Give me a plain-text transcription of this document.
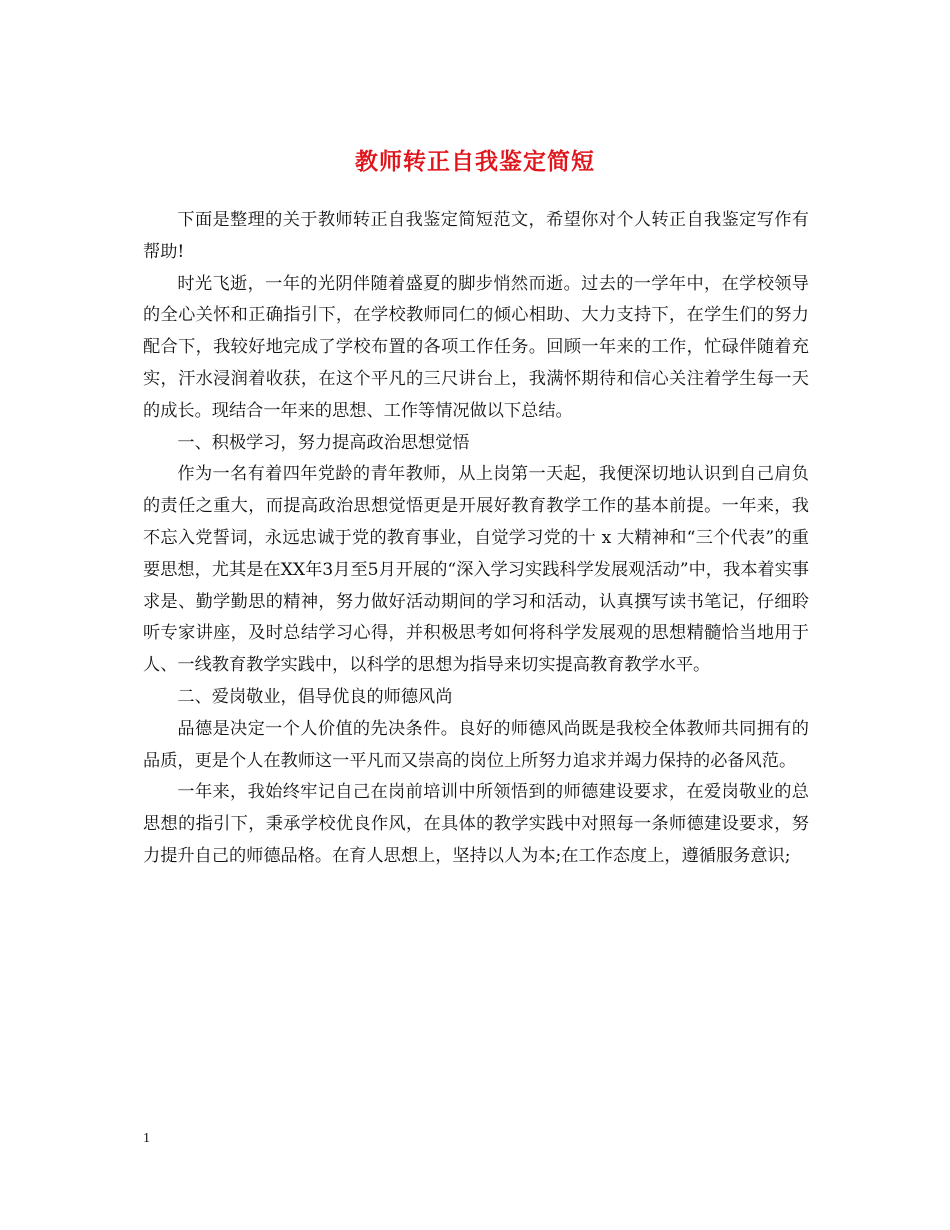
教师转正自我鉴定简短

下面是整理的关于教师转正自我鉴定简短范文，希望你对个人转正自我鉴定写作有帮助!

时光飞逝，一年的光阴伴随着盛夏的脚步悄然而逝。过去的一学年中，在学校领导的全心关怀和正确指引下，在学校教师同仁的倾心相助、大力支持下，在学生们的努力配合下，我较好地完成了学校布置的各项工作任务。回顾一年来的工作，忙碌伴随着充实，汗水浸润着收获，在这个平凡的三尺讲台上，我满怀期待和信心关注着学生每一天的成长。现结合一年来的思想、工作等情况做以下总结。

一、积极学习，努力提高政治思想觉悟

作为一名有着四年党龄的青年教师，从上岗第一天起，我便深切地认识到自己肩负的责任之重大，而提高政治思想觉悟更是开展好教育教学工作的基本前提。一年来，我不忘入党誓词，永远忠诚于党的教育事业，自觉学习党的十 x 大精神和“三个代表”的重要思想，尤其是在XX年3月至5月开展的“深入学习实践科学发展观活动”中，我本着实事求是、勤学勤思的精神，努力做好活动期间的学习和活动，认真撰写读书笔记，仔细聆听专家讲座，及时总结学习心得，并积极思考如何将科学发展观的思想精髓恰当地用于人、一线教育教学实践中，以科学的思想为指导来切实提高教育教学水平。

二、爱岗敬业，倡导优良的师德风尚

品德是决定一个人价值的先决条件。良好的师德风尚既是我校全体教师共同拥有的品质，更是个人在教师这一平凡而又崇高的岗位上所努力追求并竭力保持的必备风范。

一年来，我始终牢记自己在岗前培训中所领悟到的师德建设要求，在爱岗敬业的总思想的指引下，秉承学校优良作风，在具体的教学实践中对照每一条师德建设要求，努力提升自己的师德品格。在育人思想上，坚持以人为本;在工作态度上，遵循服务意识;

1
